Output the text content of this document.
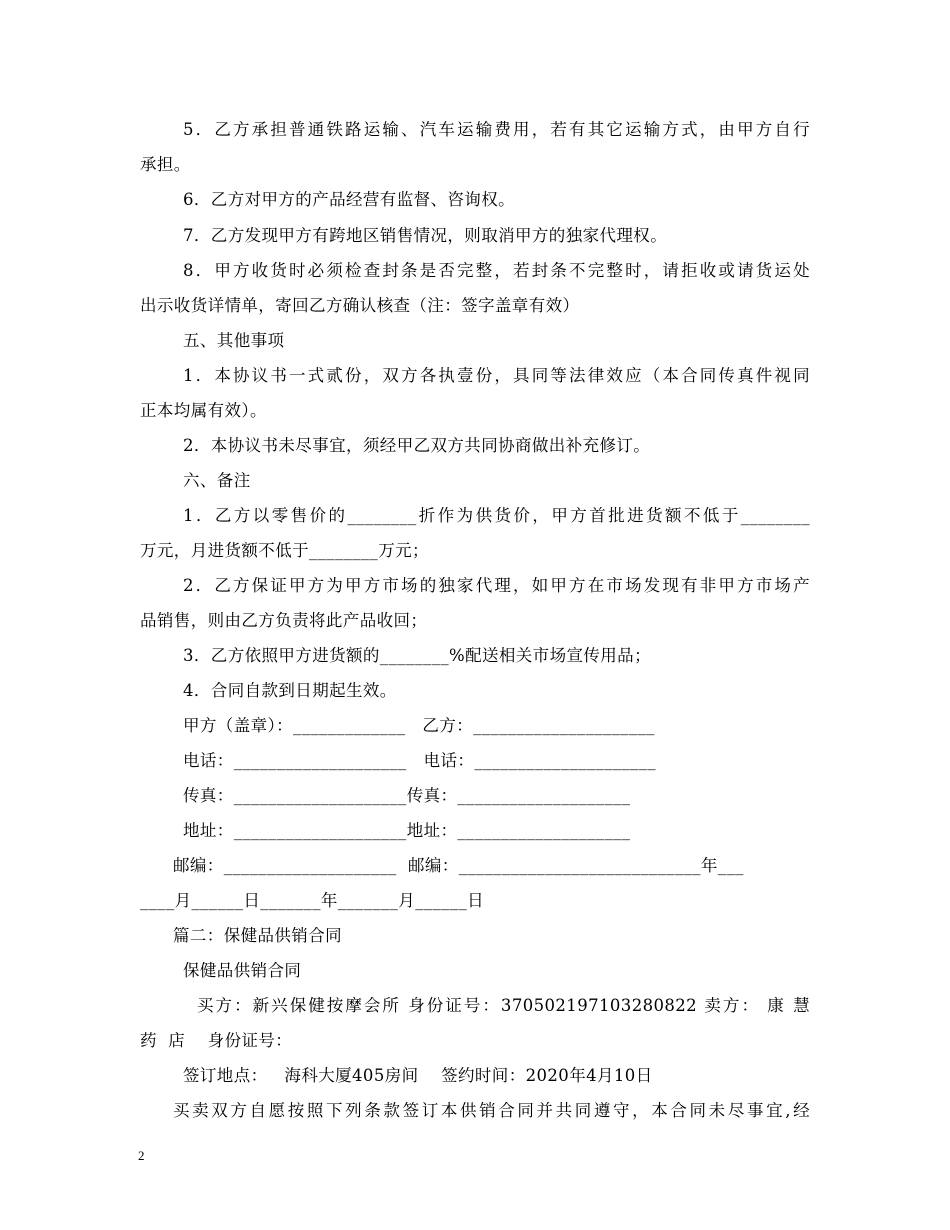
5．乙方承担普通铁路运输、汽车运输费用，若有其它运输方式，由甲方自行
承担。
6．乙方对甲方的产品经营有监督、咨询权。
7．乙方发现甲方有跨地区销售情况，则取消甲方的独家代理权。
8．甲方收货时必须检查封条是否完整，若封条不完整时，请拒收或请货运处
出示收货详情单，寄回乙方确认核查（注：签字盖章有效）
五、其他事项
1．本协议书一式贰份，双方各执壹份，具同等法律效应（本合同传真件视同
正本均属有效）。
2．本协议书未尽事宜，须经甲乙双方共同协商做出补充修订。
六、备注
1．乙方以零售价的________折作为供货价，甲方首批进货额不低于________
万元，月进货额不低于________万元；
2．乙方保证甲方为甲方市场的独家代理，如甲方在市场发现有非甲方市场产
品销售，则由乙方负责将此产品收回；
3．乙方依照甲方进货额的________%配送相关市场宣传用品；
4．合同自款到日期起生效。
甲方（盖章）：_____________   乙方：_____________________
电话：____________________   电话：_____________________
传真：____________________传真：____________________
地址：____________________地址：____________________
邮编：____________________  邮编：____________________________年___
____月______日_______年_______月______日
篇二：保健品供销合同
保健品供销合同
买方：新兴保健按摩会所 身份证号：370502197103280822 卖方： 康 慧
药  店    身份证号：
签订地点：   海科大厦405房间    签约时间：2020年4月10日
买卖双方自愿按照下列条款签订本供销合同并共同遵守，本合同未尽事宜,经
2
